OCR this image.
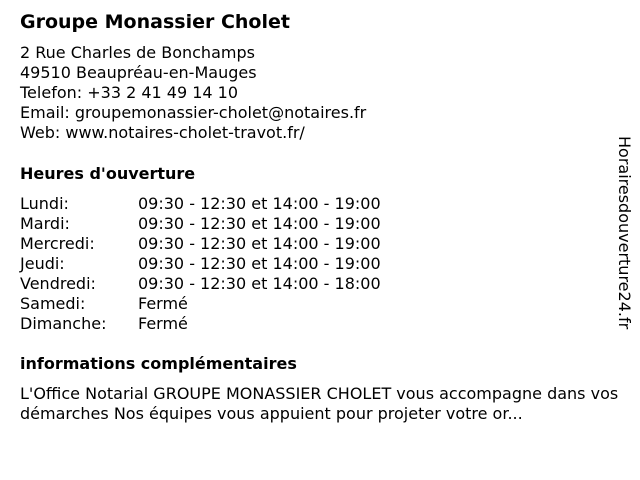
Groupe Monassier Cholet
2 Rue Charles de Bonchamps
49510 Beaupréau-en-Mauges
Telefon: +33 2 41 49 14 10
Email: groupemonassier-cholet@notaires.fr
Web: www.notaires-cholet-travot.fr/
Heures d'ouverture
Lundi:	09:30 - 12:30 et 14:00 - 19:00
Mardi:	09:30 - 12:30 et 14:00 - 19:00
Mercredi:	09:30 - 12:30 et 14:00 - 19:00
Jeudi:	09:30 - 12:30 et 14:00 - 19:00
Vendredi:	09:30 - 12:30 et 14:00 - 18:00
Samedi:	Fermé
Dimanche: Fermé
informations complémentaires
L'Office Notarial GROUPE MONASSIER CHOLET vous accompagne dans vos démarches Nos équipes vous appuient pour projeter votre or...
Horairesdouverture24.fr
